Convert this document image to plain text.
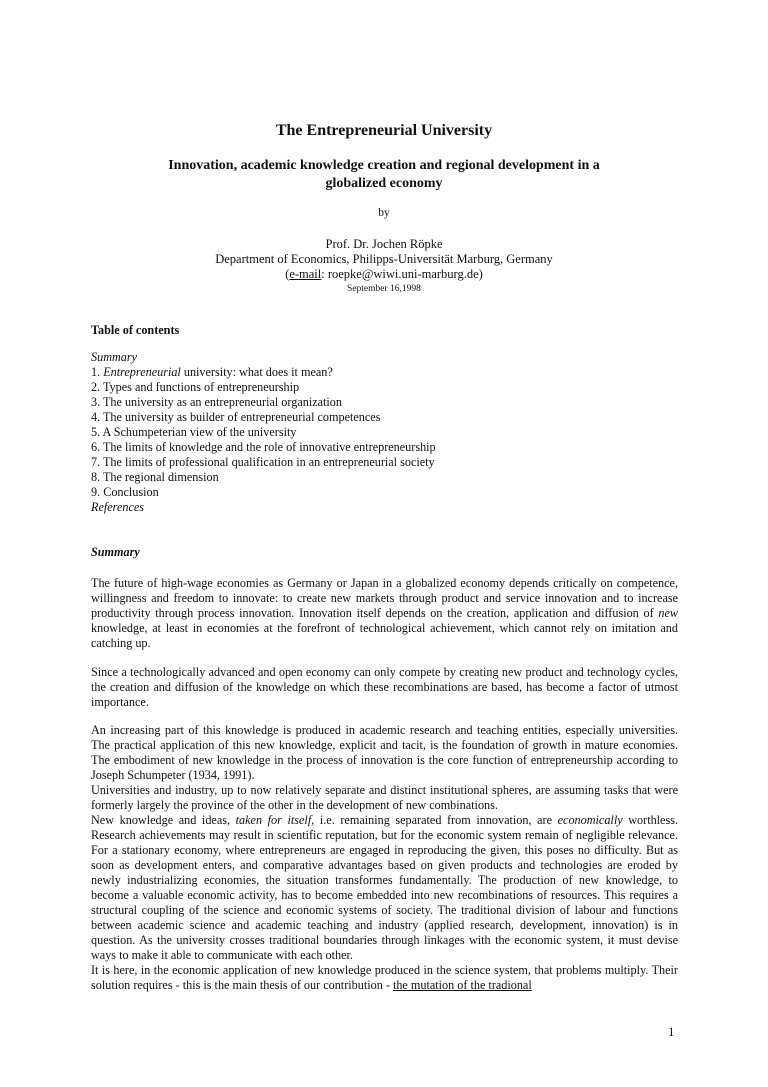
The Entrepreneurial University
Innovation, academic knowledge creation and regional development in a
globalized economy
by
Prof. Dr. Jochen Röpke
Department of Economics, Philipps-Universität Marburg, Germany
(e-mail: roepke@wiwi.uni-marburg.de)
September 16,1998
Table of contents
Summary
1. Entrepreneurial university: what does it mean?
2. Types and functions of entrepreneurship
3. The university as an entrepreneurial organization
4. The university as builder of entrepreneurial competences
5. A Schumpeterian view of the university
6. The limits of knowledge and the role of innovative entrepreneurship
7. The limits of professional qualification in an entrepreneurial society
8. The regional dimension
9. Conclusion
References
Summary

The future of high-wage economies as Germany or Japan in a globalized economy depends critically on competence, willingness and freedom to innovate: to create new markets through product and service innovation and to increase productivity through process innovation. Innovation itself depends on the creation, application and diffusion of new knowledge, at least in economies at the forefront of technological achievement, which cannot rely on imitation and catching up.

Since a technologically advanced and open economy can only compete by creating new product and technology cycles, the creation and diffusion of the knowledge on which these recombinations are based, has become a factor of utmost importance.

An increasing part of this knowledge is produced in academic research and teaching entities, especially universities. The practical application of this new knowledge, explicit and tacit, is the foundation of growth in mature economies. The embodiment of new knowledge in the process of innovation is the core function of entrepreneurship according to Joseph Schumpeter (1934, 1991).

Universities and industry, up to now relatively separate and distinct institutional spheres, are assuming tasks that were formerly largely the province of the other in the development of new combinations.

New knowledge and ideas, taken for itself, i.e. remaining separated from innovation, are economically worthless. Research achievements may result in scientific reputation, but for the economic system remain of negligible relevance. For a stationary economy, where entrepreneurs are engaged in reproducing the given, this poses no difficulty. But as soon as development enters, and comparative advantages based on given products and technologies are eroded by newly industrializing economies, the situation transformes fundamentally. The production of new knowledge, to become a valuable economic activity, has to become embedded into new recombinations of resources. This requires a structural coupling of the science and economic systems of society. The traditional division of labour and functions between academic science and academic teaching and industry (applied research, development, innovation) is in question. As the university crosses traditional boundaries through linkages with the economic system, it must devise ways to make it able to communicate with each other.

It is here, in the economic application of new knowledge produced in the science system, that problems multiply. Their solution requires - this is the main thesis of our contribution - the mutation of the tradional

1
